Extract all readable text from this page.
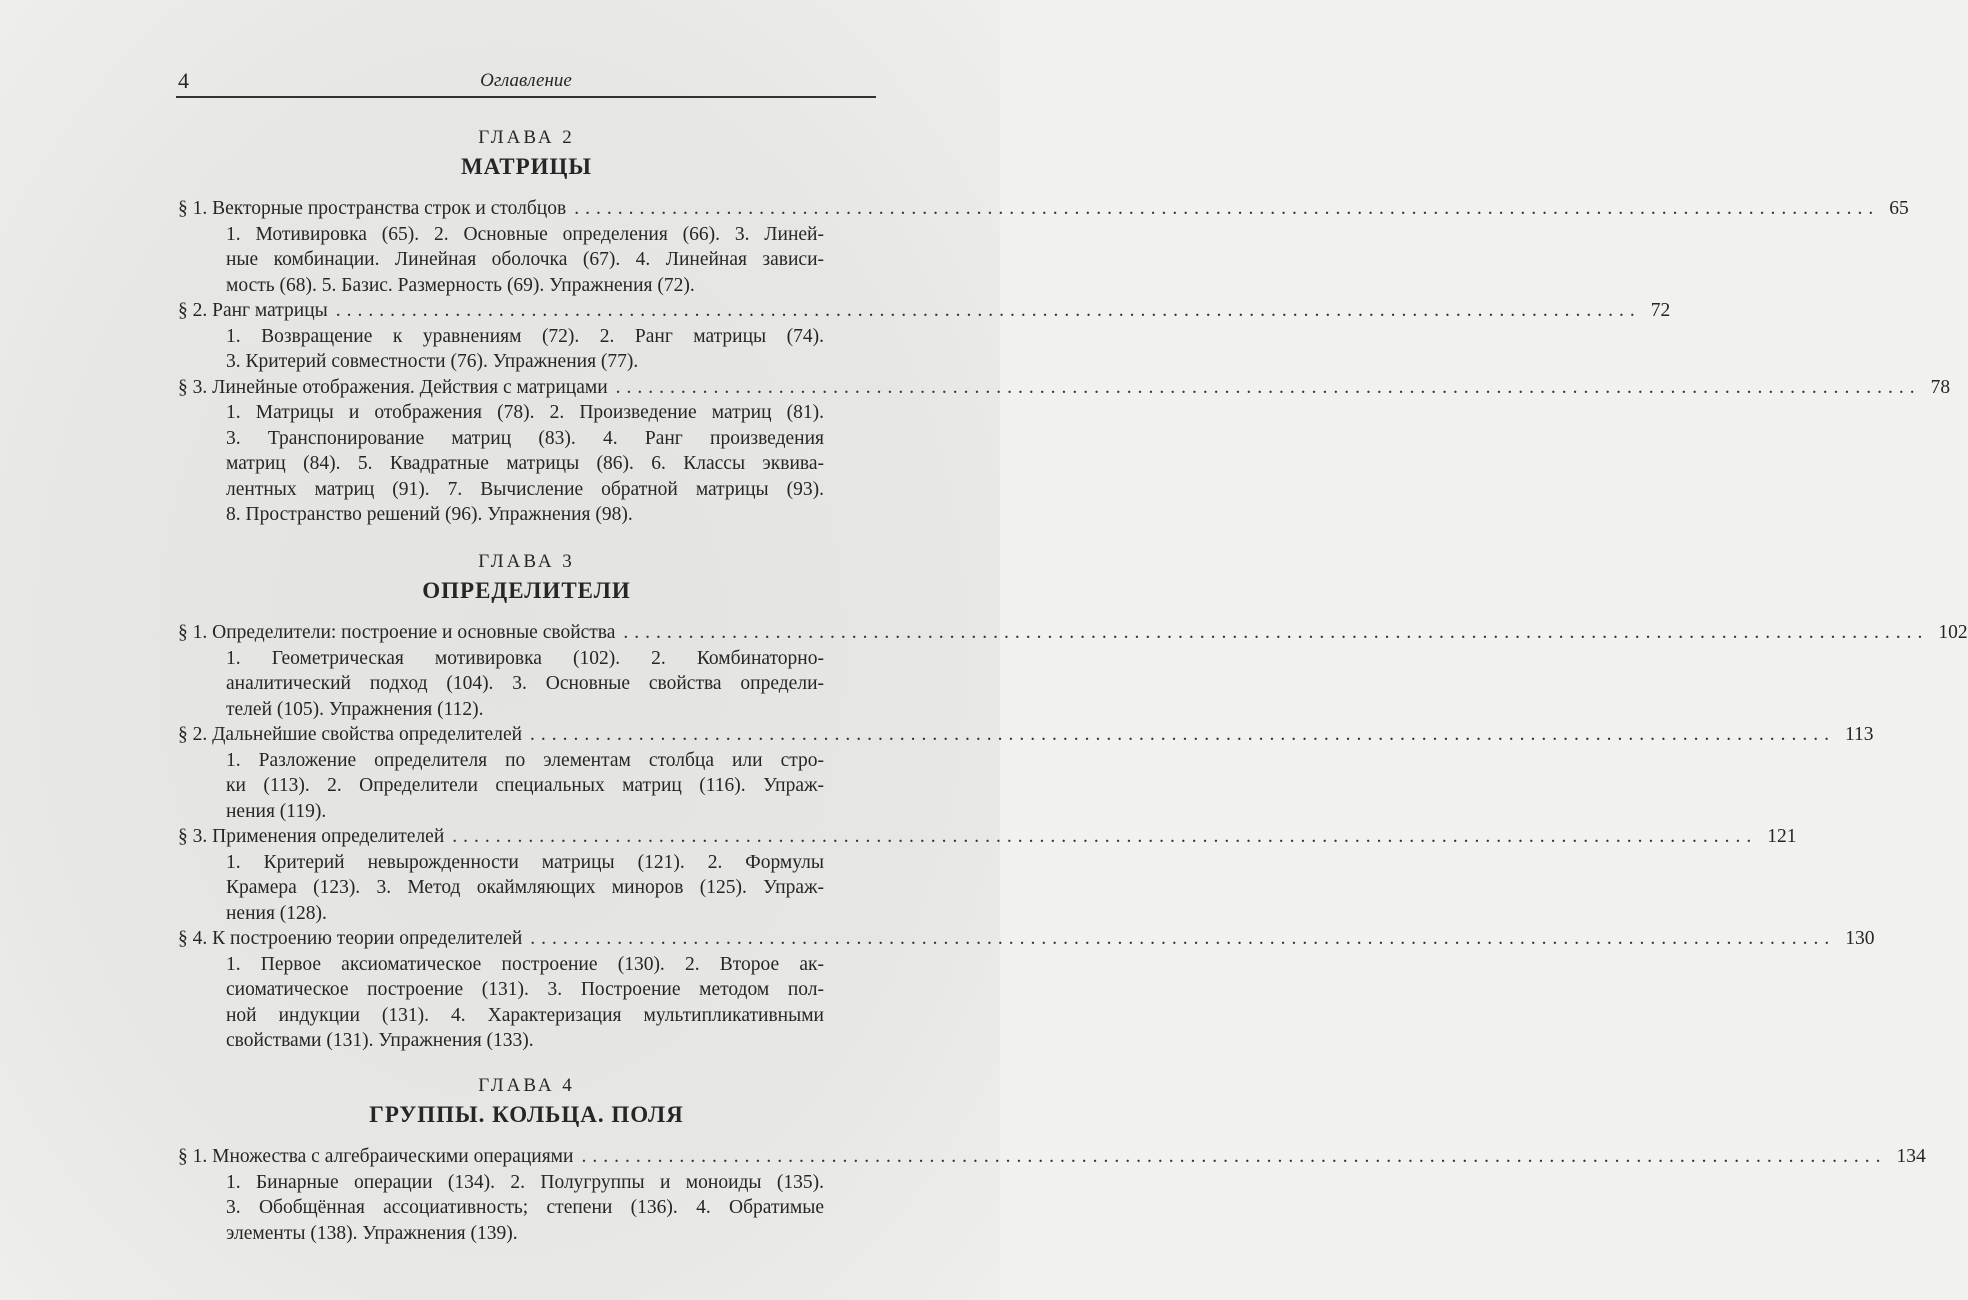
4	Оглавление
ГЛАВА 2
МАТРИЦЫ
§ 1. Векторные пространства строк и столбцов ........................................................................................................................ 65
1. Мотивировка (65). 2. Основные определения (66). 3. Линей-
ные комбинации. Линейная оболочка (67). 4. Линейная зависи-
мость (68). 5. Базис. Размерность (69). Упражнения (72).
§ 2. Ранг матрицы ........................................................................................................................ 72
1. Возвращение к уравнениям (72). 2. Ранг матрицы (74).
3. Критерий совместности (76). Упражнения (77).
§ 3. Линейные отображения. Действия с матрицами ........................................................................................................................ 78
1. Матрицы и отображения (78). 2. Произведение матриц (81).
3. Транспонирование матриц (83). 4. Ранг произведения
матриц (84). 5. Квадратные матрицы (86). 6. Классы эквива-
лентных матриц (91). 7. Вычисление обратной матрицы (93).
8. Пространство решений (96). Упражнения (98).
ГЛАВА 3
ОПРЕДЕЛИТЕЛИ
§ 1. Определители: построение и основные свойства ........................................................................................................................ 102
1. Геометрическая мотивировка (102). 2. Комбинаторно-
аналитический подход (104). 3. Основные свойства определи-
телей (105). Упражнения (112).
§ 2. Дальнейшие свойства определителей ........................................................................................................................ 113
1. Разложение определителя по элементам столбца или стро-
ки (113). 2. Определители специальных матриц (116). Упраж-
нения (119).
§ 3. Применения определителей ........................................................................................................................ 121
1. Критерий невырожденности матрицы (121). 2. Формулы
Крамера (123). 3. Метод окаймляющих миноров (125). Упраж-
нения (128).
§ 4. К построению теории определителей ........................................................................................................................ 130
1. Первое аксиоматическое построение (130). 2. Второе ак-
сиоматическое построение (131). 3. Построение методом пол-
ной индукции (131). 4. Характеризация мультипликативными
свойствами (131). Упражнения (133).
ГЛАВА 4
ГРУППЫ. КОЛЬЦА. ПОЛЯ
§ 1. Множества с алгебраическими операциями ........................................................................................................................ 134
1. Бинарные операции (134). 2. Полугруппы и моноиды (135).
3. Обобщённая ассоциативность; степени (136). 4. Обратимые
элементы (138). Упражнения (139).
